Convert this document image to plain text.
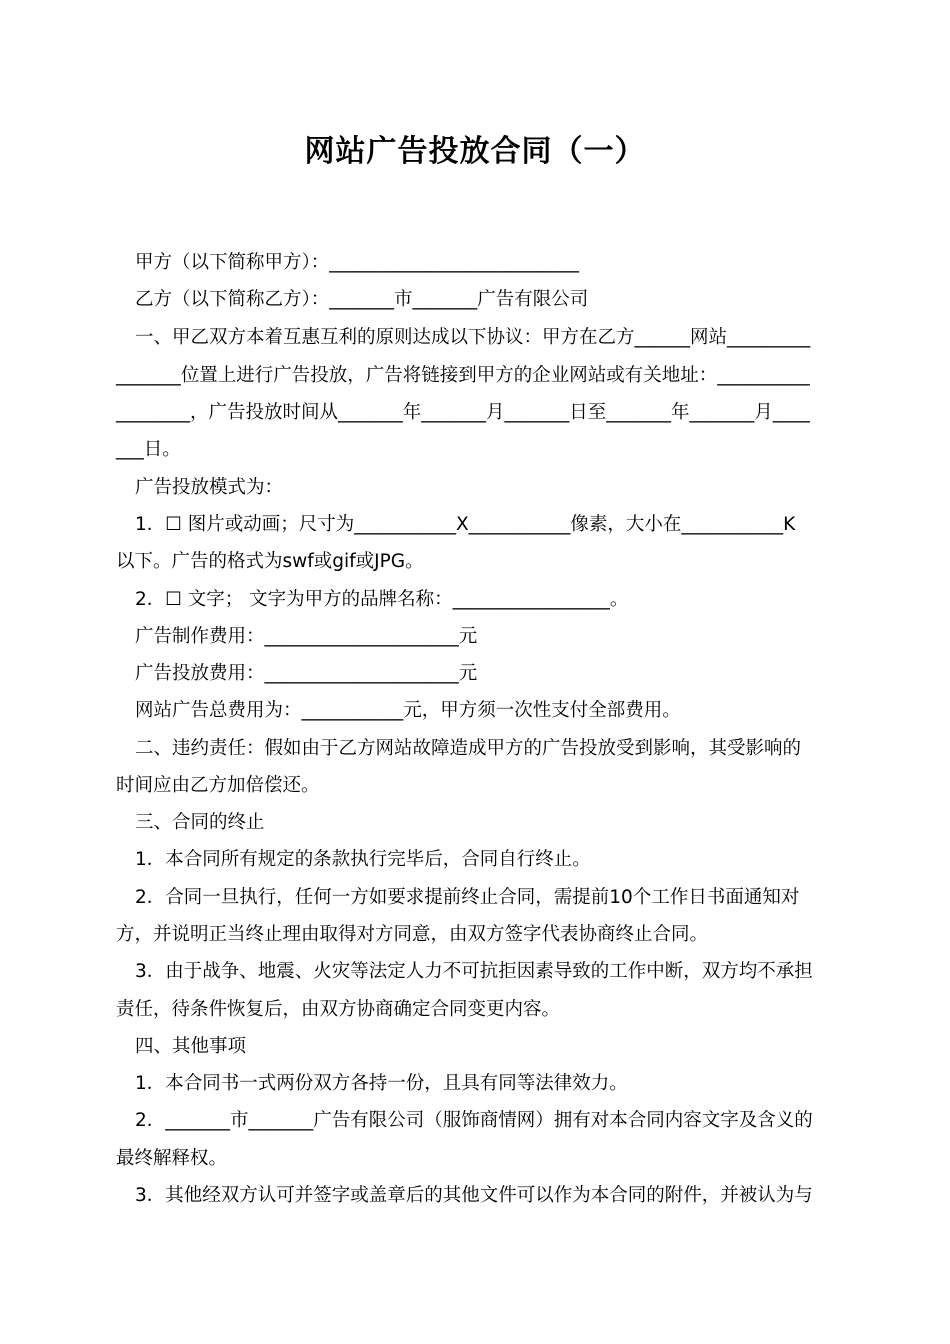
网站广告投放合同（一）
甲方（以下简称甲方）：___________________________
乙方（以下简称乙方）：_______市_______广告有限公司
一、甲乙双方本着互惠互利的原则达成以下协议：甲方在乙方______网站_________
_______位置上进行广告投放，广告将链接到甲方的企业网站或有关地址：__________
________，广告投放时间从_______年_______月_______日至_______年_______月____
___日。
广告投放模式为：
1．☐ 图片或动画；尺寸为___________X___________像素，大小在___________K
以下。广告的格式为swf或gif或JPG。
2．☐ 文字； 文字为甲方的品牌名称：_________________。
广告制作费用：_____________________元
广告投放费用：_____________________元
网站广告总费用为：___________元，甲方须一次性支付全部费用。
二、违约责任：假如由于乙方网站故障造成甲方的广告投放受到影响，其受影响的
时间应由乙方加倍偿还。
三、合同的终止
1．本合同所有规定的条款执行完毕后，合同自行终止。
2．合同一旦执行，任何一方如要求提前终止合同，需提前10个工作日书面通知对
方，并说明正当终止理由取得对方同意，由双方签字代表协商终止合同。
3．由于战争、地震、火灾等法定人力不可抗拒因素导致的工作中断，双方均不承担
责任，待条件恢复后，由双方协商确定合同变更内容。
四、其他事项
1．本合同书一式两份双方各持一份，且具有同等法律效力。
2．_______市_______广告有限公司（服饰商情网）拥有对本合同内容文字及含义的
最终解释权。
3．其他经双方认可并签字或盖章后的其他文件可以作为本合同的附件，并被认为与
